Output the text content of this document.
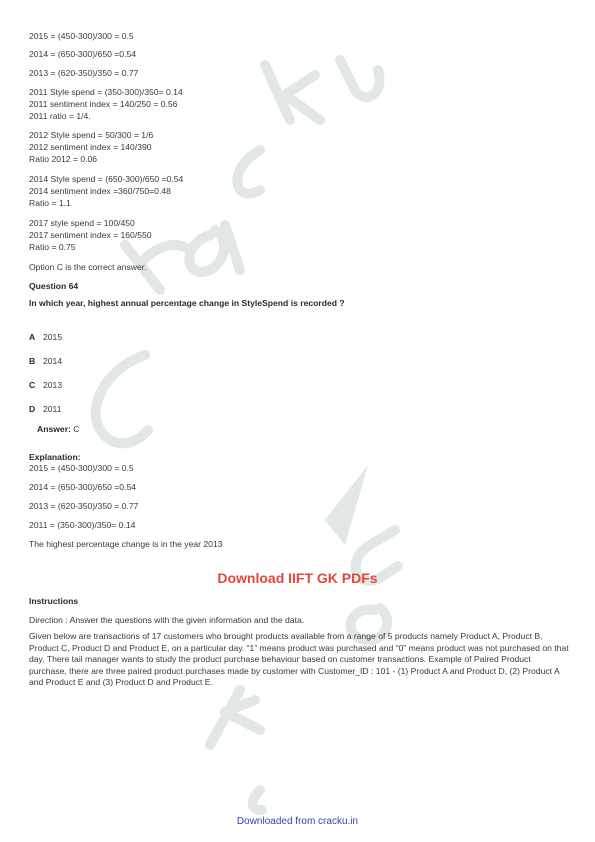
2015 = (450-300)/300 = 0.5
2014 = (650-300)/650 =0.54
2013 = (620-350)/350 = 0.77
2011 Style spend = (350-300)/350= 0.14
2011 sentiment index = 140/250 = 0.56
2011 ratio = 1/4.
2012 Style spend = 50/300 = 1/6
2012 sentiment index = 140/390
Ratio 2012 = 0.06
2014 Style spend = (650-300)/650 =0.54
2014 sentiment index =360/750=0.48
Ratio = 1.1
2017 style spend = 100/450
2017 sentiment index = 160/550
Ratio = 0.75
Option C is the correct answer.
Question 64
In which year, highest annual percentage change in StyleSpend is recorded ?
A 2015
B 2014
C 2013
D 2011
Answer: C
Explanation:
2015 = (450-300)/300 = 0.5
2014 = (650-300)/650 =0.54
2013 = (620-350)/350 = 0.77
2011 = (350-300)/350= 0.14
The highest percentage change is in the year 2013
Download IIFT GK PDFs
Instructions
Direction : Answer the questions with the given information and the data.
Given below are transactions of 17 customers who brought products available from a range of 5 products namely Product A, Product B, Product C, Product D and Product E, on a particular day. “1” means product was purchased and “0” means product was not purchased on that day. There tail manager wants to study the product purchase behaviour based on customer transactions. Example of Paired Product purchase, there are three paired product purchases made by customer with Customer_ID : 101 - (1) Product A and Product D, (2) Product A and Product E and (3) Product D and Product E.
Downloaded from cracku.in
